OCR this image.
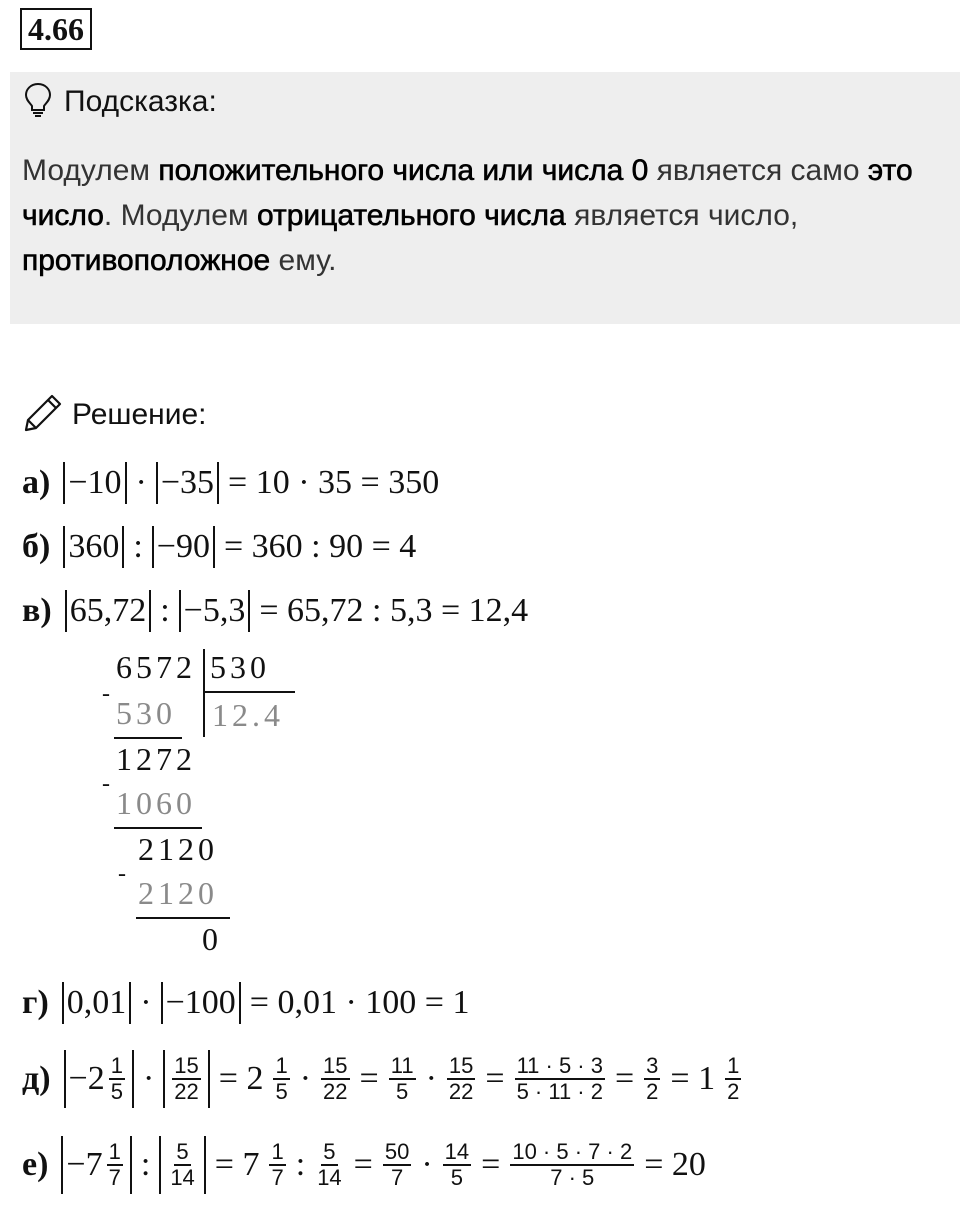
4.66
Подсказка:
Модулем положительного числа или числа 0 является само это число. Модулем отрицательного числа является число, противоположное ему.
Решение:
а) −10 · −35 = 10 · 35 = 350
б) 360 : −90 = 360 : 90 = 4
в) 65,72 : −5,3 = 65,72 : 5,3 = 12,4
6572 530
12.4
-
530
1272
-
1060
2120
-
2120
0
г) 0,01 · −100 = 0,01 · 100 = 1
$д) -2 \frac{1}{5} \cdot \frac{15}{22} = 2 \frac{1}{5} \cdot \frac{15}{22} = \frac{11}{5} \cdot \frac{15}{22} = \frac{11 \cdot 5 \cdot 3}{5 \cdot 11 \cdot 2} = \frac{3}{2} = 1 \frac{1}{2}$
$е) -7 \frac{1}{7}$ : $\frac{5}{14} = 7 \frac{1}{7}$ : $\frac{5}{14} = \frac{50}{7} \cdot \frac{14}{5} = \frac{10 \cdot 5 \cdot 7 \cdot 2}{7 \cdot 5} = 20$
